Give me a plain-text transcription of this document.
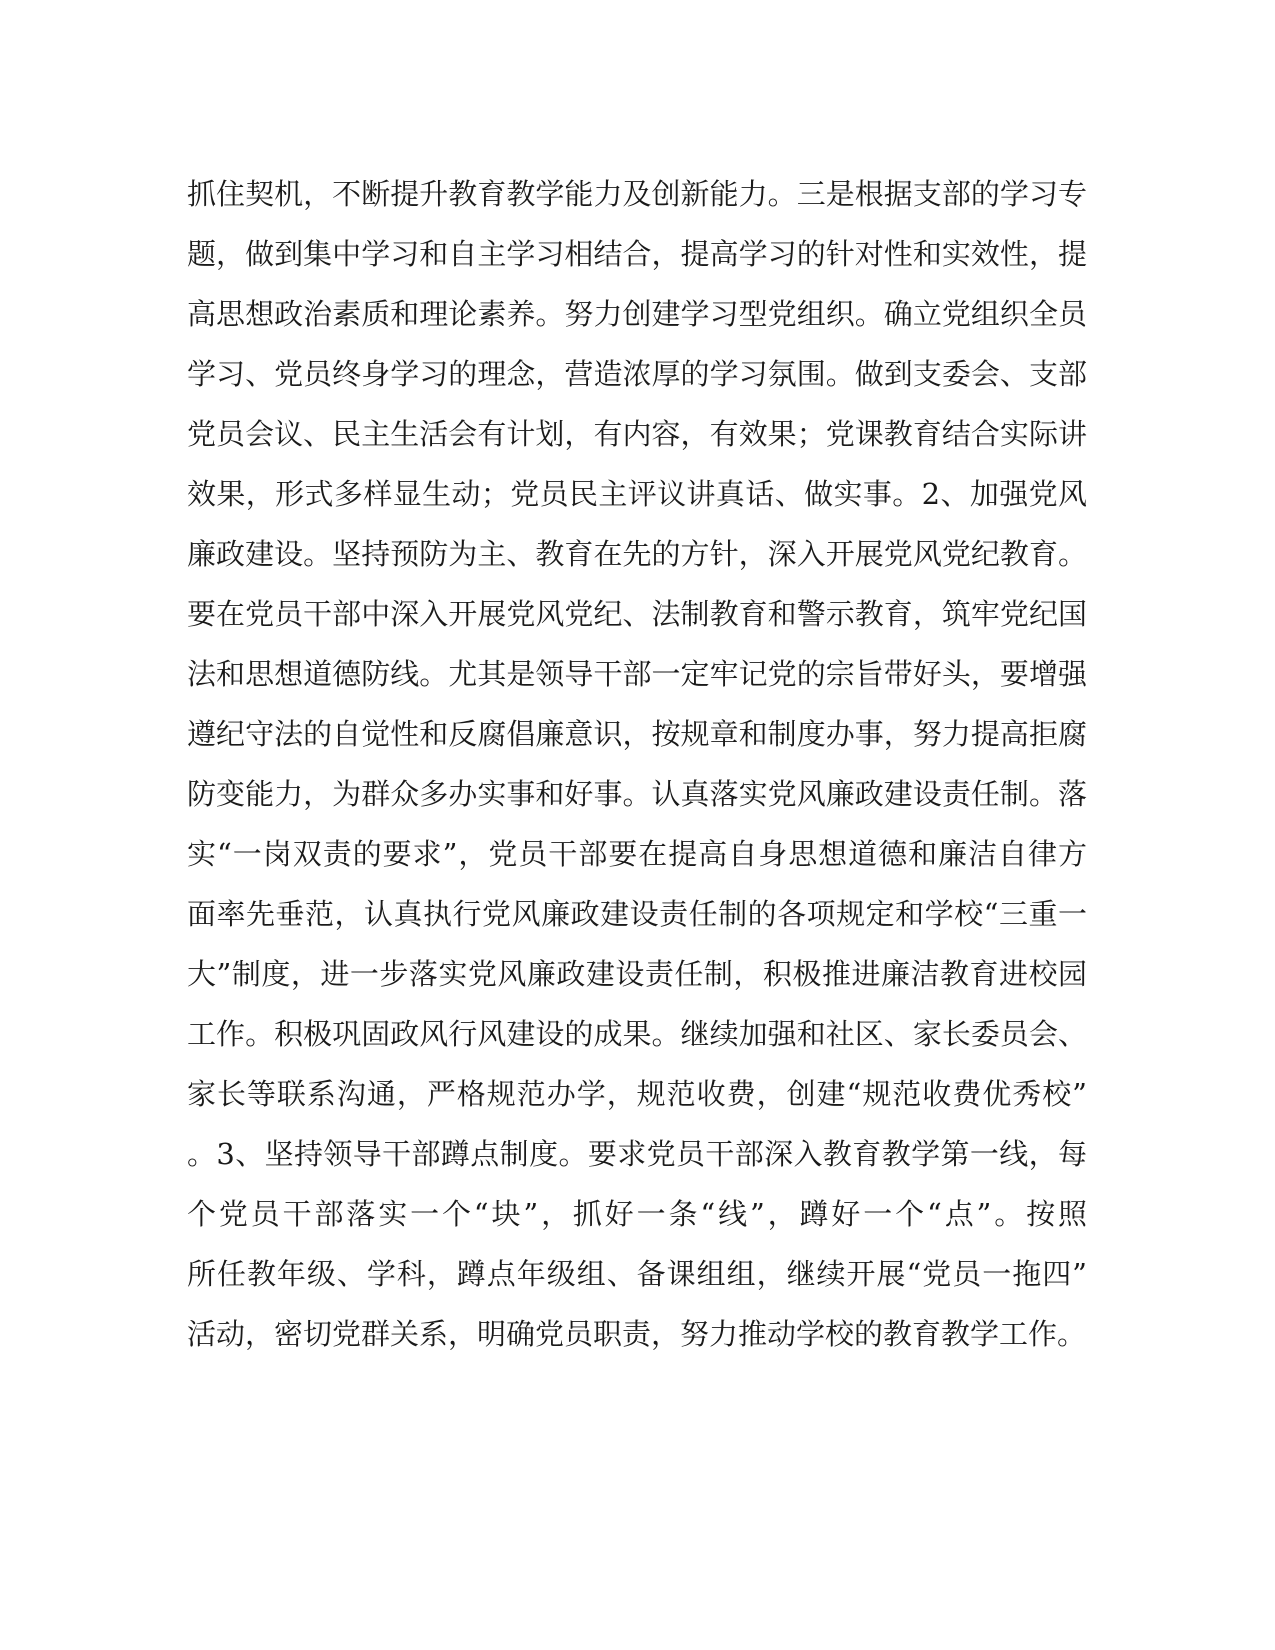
抓住契机，不断提升教育教学能力及创新能力。三是根据支部的学习专
题，做到集中学习和自主学习相结合，提高学习的针对性和实效性，提
高思想政治素质和理论素养。努力创建学习型党组织。确立党组织全员
学习、党员终身学习的理念，营造浓厚的学习氛围。做到支委会、支部
党员会议、民主生活会有计划，有内容，有效果；党课教育结合实际讲
效果，形式多样显生动；党员民主评议讲真话、做实事。2、加强党风
廉政建设。坚持预防为主、教育在先的方针，深入开展党风党纪教育。
要在党员干部中深入开展党风党纪、法制教育和警示教育，筑牢党纪国
法和思想道德防线。尤其是领导干部一定牢记党的宗旨带好头，要增强
遵纪守法的自觉性和反腐倡廉意识，按规章和制度办事，努力提高拒腐
防变能力，为群众多办实事和好事。认真落实党风廉政建设责任制。落
实“一岗双责的要求”，党员干部要在提高自身思想道德和廉洁自律方
面率先垂范，认真执行党风廉政建设责任制的各项规定和学校“三重一
大”制度，进一步落实党风廉政建设责任制，积极推进廉洁教育进校园
工作。积极巩固政风行风建设的成果。继续加强和社区、家长委员会、
家长等联系沟通，严格规范办学，规范收费，创建“规范收费优秀校”
。3、坚持领导干部蹲点制度。要求党员干部深入教育教学第一线，每
个党员干部落实一个“块”，抓好一条“线”，蹲好一个“点”。按照
所任教年级、学科，蹲点年级组、备课组组，继续开展“党员一拖四”
活动，密切党群关系，明确党员职责，努力推动学校的教育教学工作。
